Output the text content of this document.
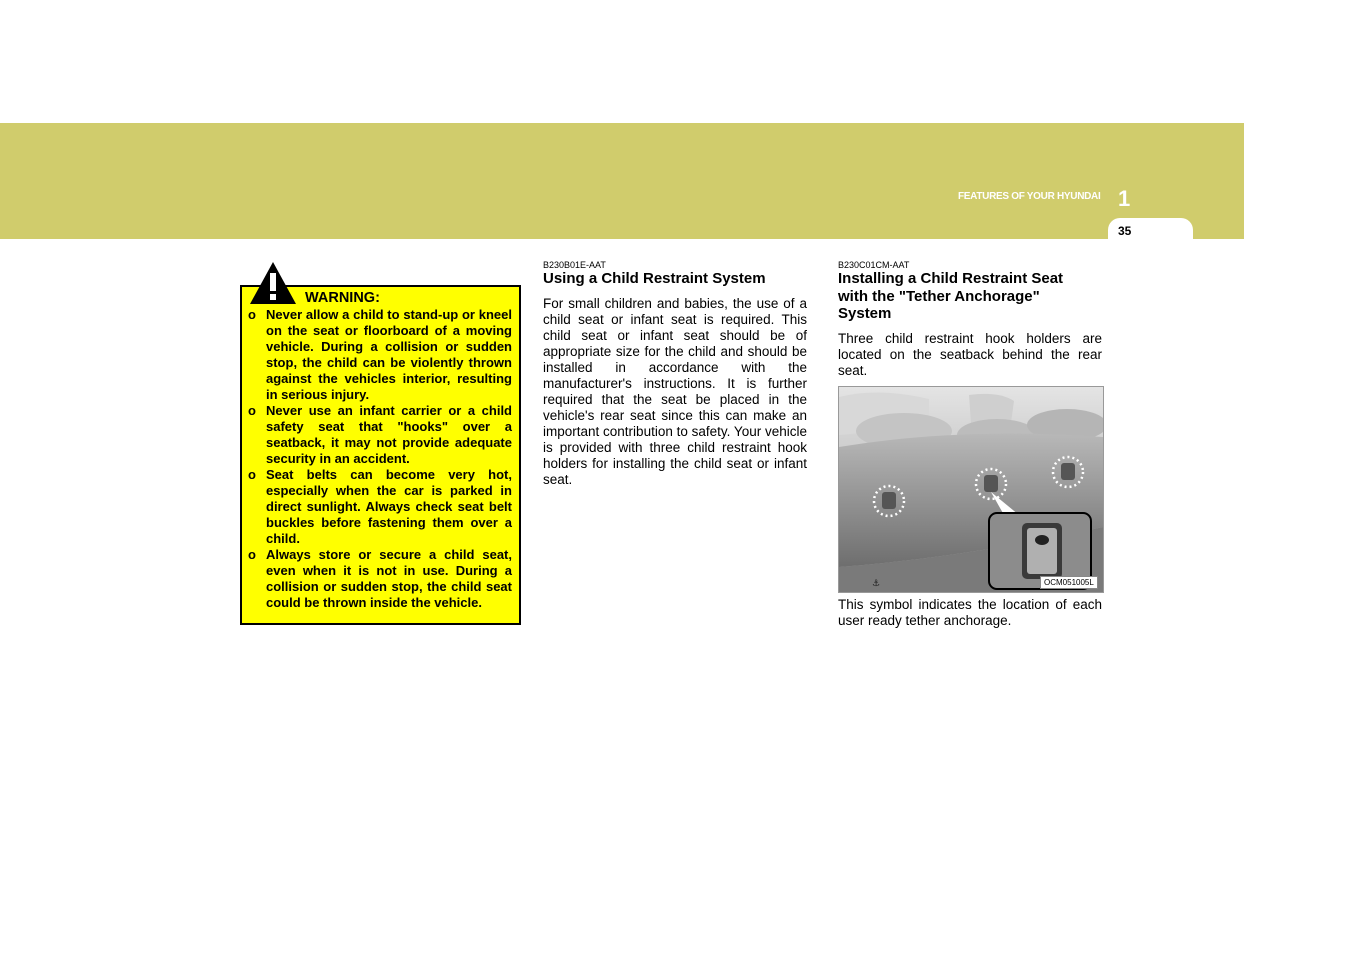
FEATURES OF YOUR HYUNDAI 1
35
WARNING:
o Never allow a child to stand-up or kneel on the seat or floorboard of a moving vehicle. During a collision or sudden stop, the child can be violently thrown against the vehicles interior, resulting in serious injury.
o Never use an infant carrier or a child safety seat that "hooks" over a seatback, it may not provide adequate security in an accident.
o Seat belts can become very hot, especially when the car is parked in direct sunlight. Always check seat belt buckles before fastening them over a child.
o Always store or secure a child seat, even when it is not in use. During a collision or sudden stop, the child seat could be thrown inside the vehicle.
B230B01E-AAT
Using a Child Restraint System

For small children and babies, the use of a child seat or infant seat is required. This child seat or infant seat should be of appropriate size for the child and should be installed in accordance with the manufacturer's instructions. It is further required that the seat be placed in the vehicle's rear seat since this can make an important contribution to safety. Your vehicle is provided with three child restraint hook holders for installing the child seat or infant seat.

B230C01CM-AAT
Installing a Child Restraint Seat with the "Tether Anchorage" System

Three child restraint hook holders are located on the seatback behind the rear seat.

⚓	OCM051005L

This symbol indicates the location of each user ready tether anchorage.
